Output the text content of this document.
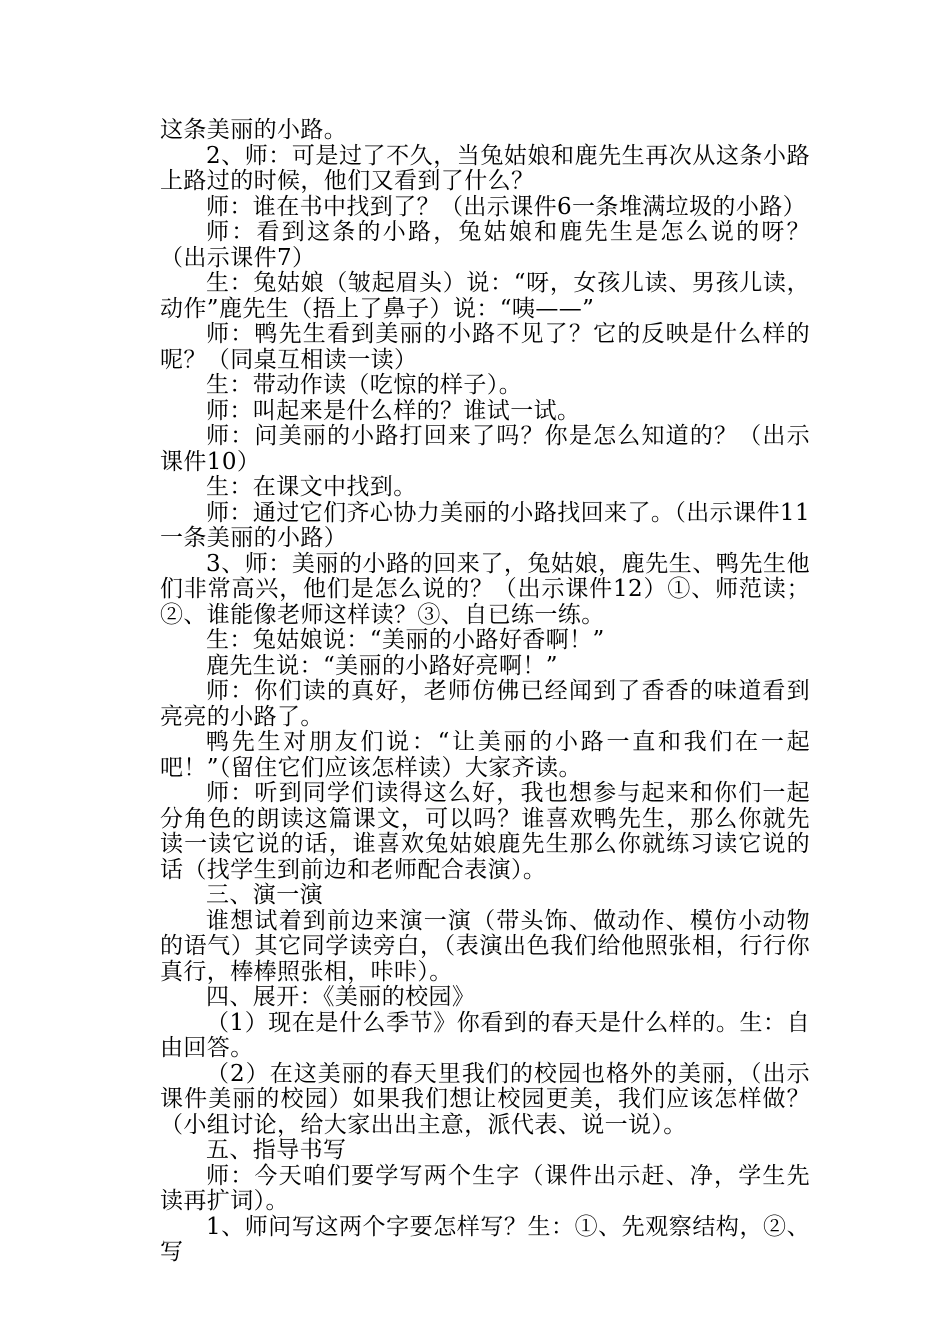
这条美丽的小路。

2、师：可是过了不久，当兔姑娘和鹿先生再次从这条小路上路过的时候，他们又看到了什么？

师：谁在书中找到了？（出示课件6一条堆满垃圾的小路）

师：看到这条的小路，兔姑娘和鹿先生是怎么说的呀？（出示课件7）

生：兔姑娘（皱起眉头）说：“呀，女孩儿读、男孩儿读，动作”鹿先生（捂上了鼻子）说：“咦——”

师：鸭先生看到美丽的小路不见了？它的反映是什么样的呢？（同桌互相读一读）

生：带动作读（吃惊的样子）。

师：叫起来是什么样的？谁试一试。

师：问美丽的小路打回来了吗？你是怎么知道的？（出示课件10）

生：在课文中找到。

师：通过它们齐心协力美丽的小路找回来了。（出示课件11一条美丽的小路）

3、师：美丽的小路的回来了，兔姑娘，鹿先生、鸭先生他们非常高兴，他们是怎么说的？（出示课件12）①、师范读；②、谁能像老师这样读？③、自已练一练。

生：兔姑娘说：“美丽的小路好香啊！”

鹿先生说：“美丽的小路好亮啊！”

师：你们读的真好，老师仿佛已经闻到了香香的味道看到亮亮的小路了。

鸭先生对朋友们说：“让美丽的小路一直和我们在一起吧！”（留住它们应该怎样读）大家齐读。

师：听到同学们读得这么好，我也想参与起来和你们一起分角色的朗读这篇课文，可以吗？谁喜欢鸭先生，那么你就先读一读它说的话，谁喜欢兔姑娘鹿先生那么你就练习读它说的话（找学生到前边和老师配合表演）。

三、演一演

谁想试着到前边来演一演（带头饰、做动作、模仿小动物的语气）其它同学读旁白，（表演出色我们给他照张相，行行你真行，棒棒照张相，咔咔）。

四、展开：《美丽的校园》

（1）现在是什么季节》你看到的春天是什么样的。生：自由回答。

（2）在这美丽的春天里我们的校园也格外的美丽，（出示课件美丽的校园）如果我们想让校园更美，我们应该怎样做？（小组讨论，给大家出出主意，派代表、说一说）。

五、指导书写

师：今天咱们要学写两个生字（课件出示赶、净，学生先读再扩词）。

1、师问写这两个字要怎样写？生：①、先观察结构，②、写
